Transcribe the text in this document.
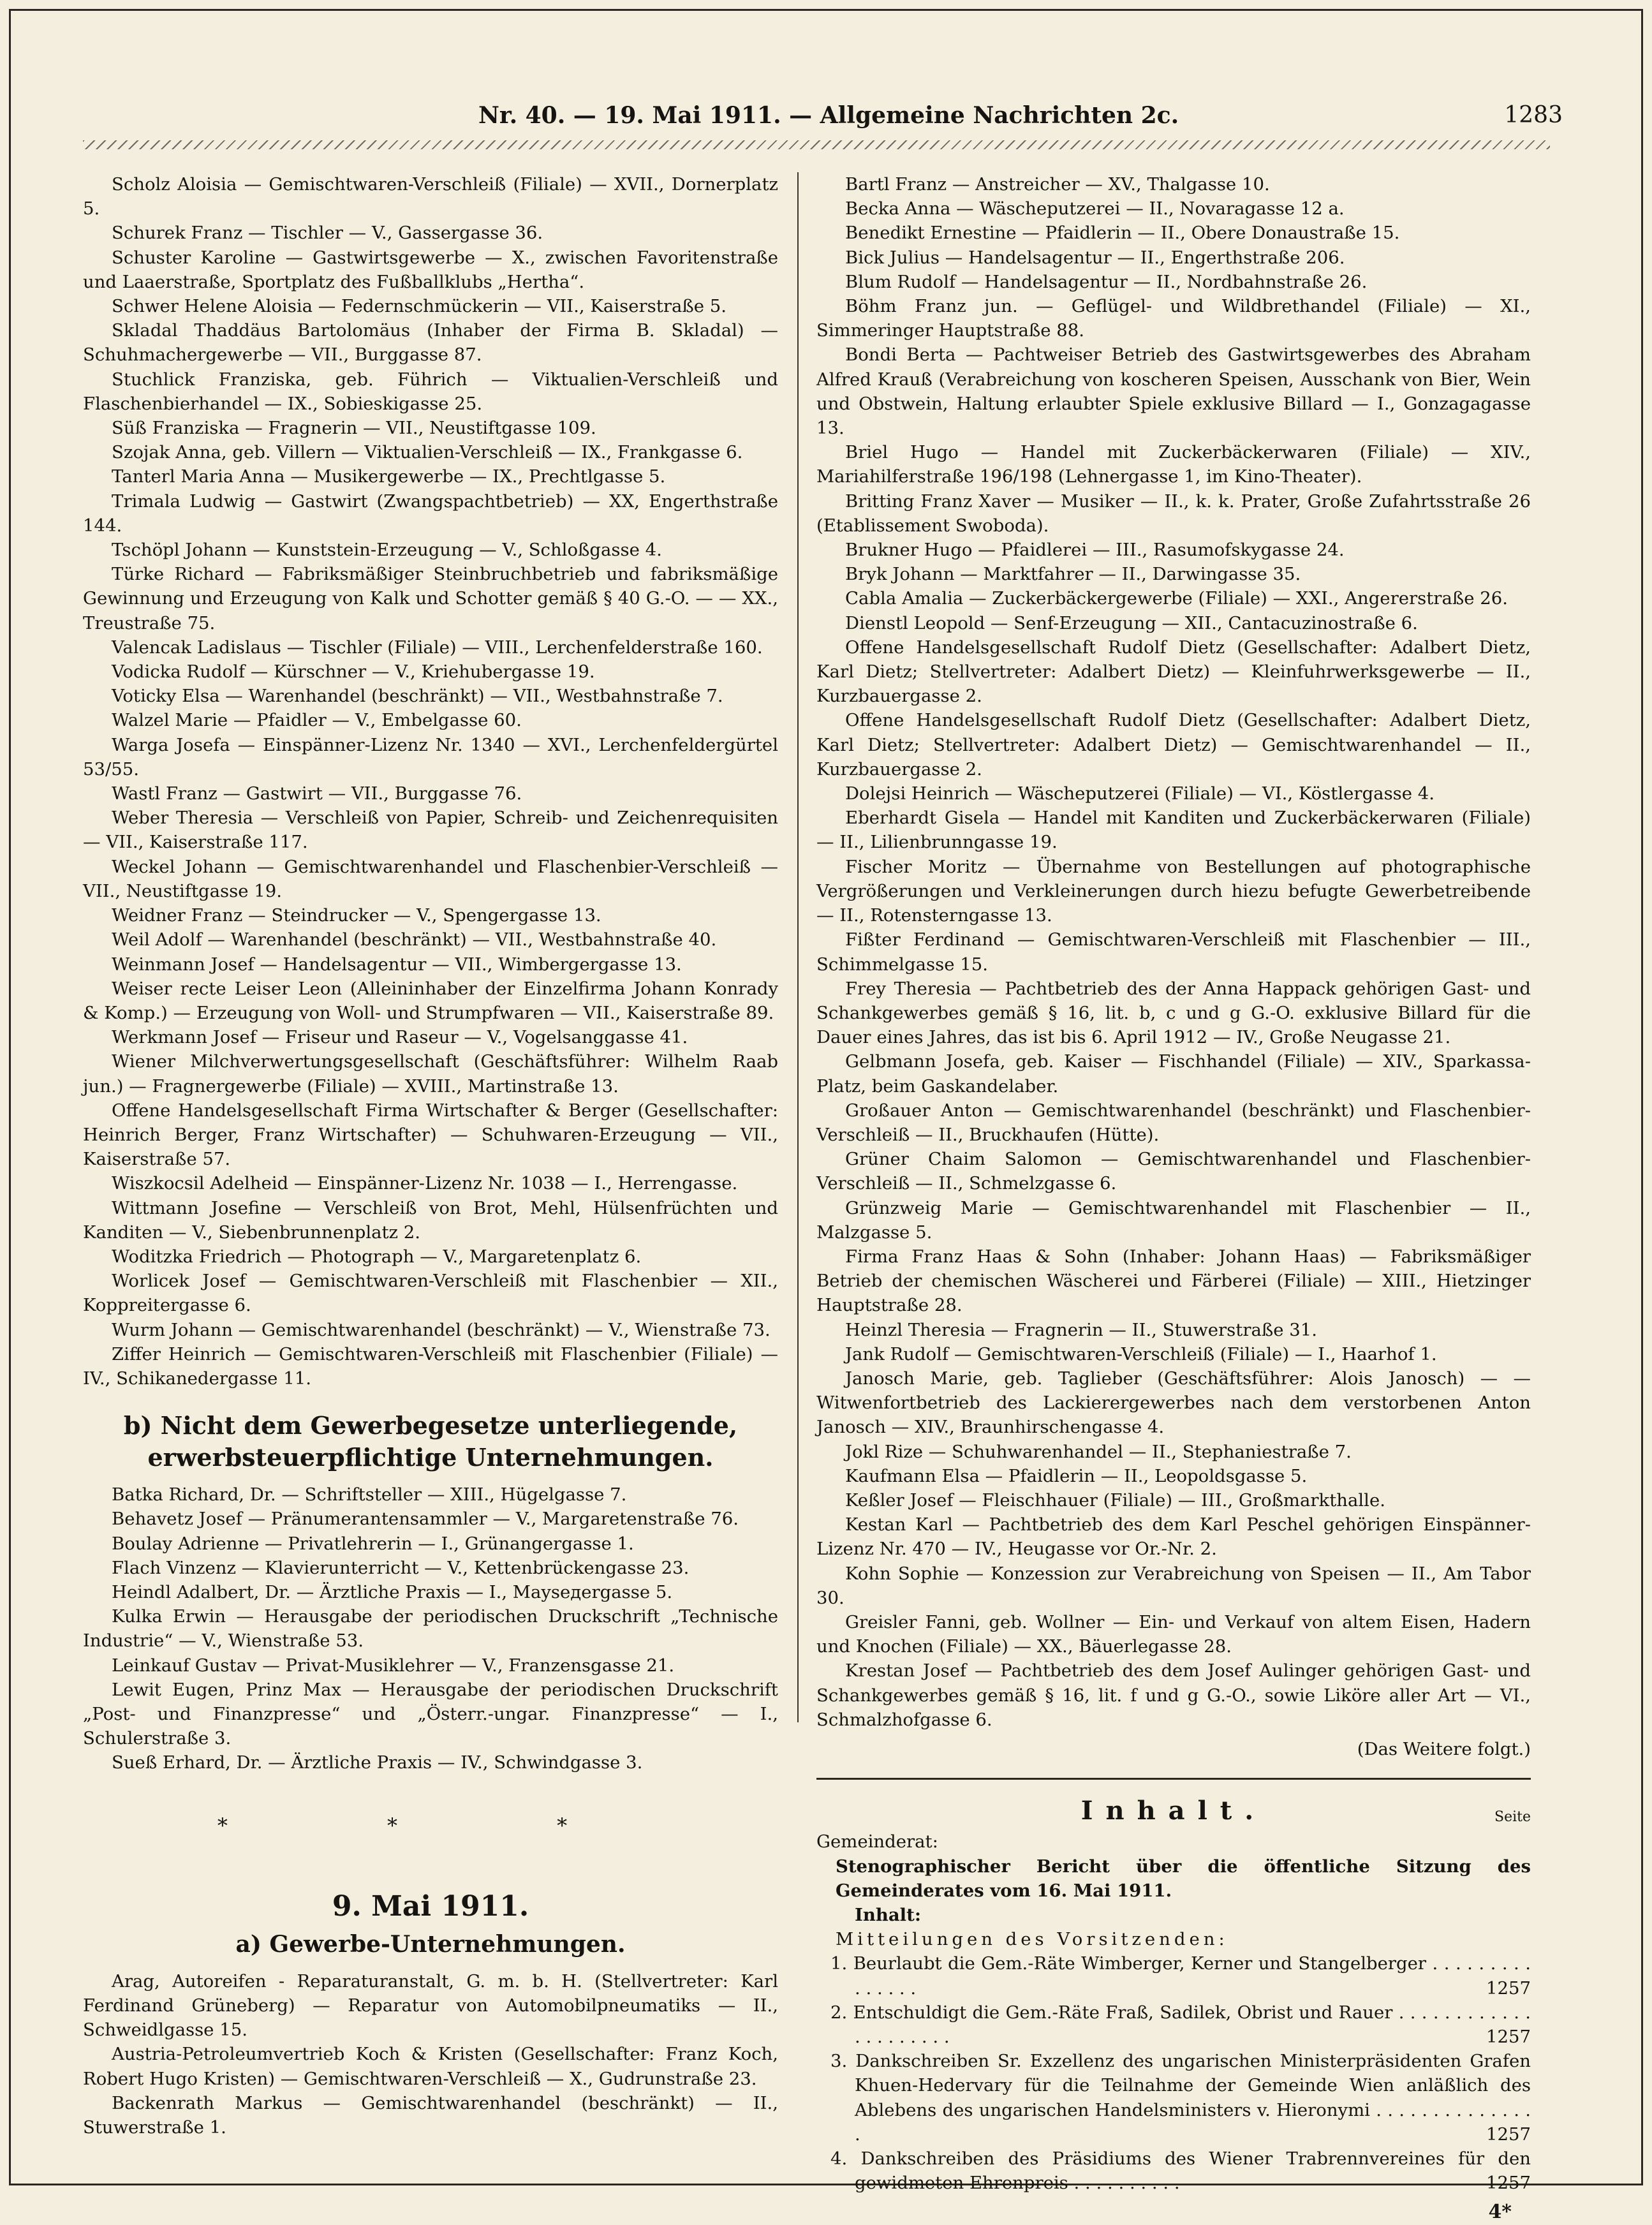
Nr. 40. — 19. Mai 1911. — Allgemeine Nachrichten 2c.	1283

Scholz Aloisia — Gemischtwaren-Verschleiß (Filiale) — XVII., Dornerplatz 5.

Schurek Franz — Tischler — V., Gassergasse 36.

Schuster Karoline — Gastwirtsgewerbe — X., zwischen Favoritenstraße und Laaerstraße, Sportplatz des Fußballklubs „Hertha“.

Schwer Helene Aloisia — Federnschmückerin — VII., Kaiserstraße 5.

Skladal Thaddäus Bartolomäus (Inhaber der Firma B. Skladal) — Schuhmachergewerbe — VII., Burggasse 87.

Stuchlick Franziska, geb. Führich — Viktualien-Verschleiß und Flaschenbierhandel — IX., Sobieskigasse 25.

Süß Franziska — Fragnerin — VII., Neustiftgasse 109.

Szojak Anna, geb. Villern — Viktualien-Verschleiß — IX., Frankgasse 6.

Tanterl Maria Anna — Musikergewerbe — IX., Prechtlgasse 5.

Trimala Ludwig — Gastwirt (Zwangspachtbetrieb) — XX, Engerthstraße 144.

Tschöpl Johann — Kunststein-Erzeugung — V., Schloßgasse 4.

Türke Richard — Fabriksmäßiger Steinbruchbetrieb und fabriksmäßige Gewinnung und Erzeugung von Kalk und Schotter gemäß § 40 G.-O. — — XX., Treustraße 75.

Valencak Ladislaus — Tischler (Filiale) — VIII., Lerchenfelderstraße 160.

Vodicka Rudolf — Kürschner — V., Kriehubergasse 19.

Voticky Elsa — Warenhandel (beschränkt) — VII., Westbahnstraße 7.

Walzel Marie — Pfaidler — V., Embelgasse 60.

Warga Josefa — Einspänner-Lizenz Nr. 1340 — XVI., Lerchenfeldergürtel 53/55.

Wastl Franz — Gastwirt — VII., Burggasse 76.

Weber Theresia — Verschleiß von Papier, Schreib- und Zeichenrequisiten — VII., Kaiserstraße 117.

Weckel Johann — Gemischtwarenhandel und Flaschenbier-Verschleiß — VII., Neustiftgasse 19.

Weidner Franz — Steindrucker — V., Spengergasse 13.

Weil Adolf — Warenhandel (beschränkt) — VII., Westbahnstraße 40.

Weinmann Josef — Handelsagentur — VII., Wimbergergasse 13.

Weiser recte Leiser Leon (Alleininhaber der Einzelfirma Johann Konrady & Komp.) — Erzeugung von Woll- und Strumpfwaren — VII., Kaiserstraße 89.

Werkmann Josef — Friseur und Raseur — V., Vogelsanggasse 41.

Wiener Milchverwertungsgesellschaft (Geschäftsführer: Wilhelm Raab jun.) — Fragnergewerbe (Filiale) — XVIII., Martinstraße 13.

Offene Handelsgesellschaft Firma Wirtschafter & Berger (Gesellschafter: Heinrich Berger, Franz Wirtschafter) — Schuhwaren-Erzeugung — VII., Kaiserstraße 57.

Wiszkocsil Adelheid — Einspänner-Lizenz Nr. 1038 — I., Herrengasse.

Wittmann Josefine — Verschleiß von Brot, Mehl, Hülsenfrüchten und Kanditen — V., Siebenbrunnenplatz 2.

Woditzka Friedrich — Photograph — V., Margaretenplatz 6.

Worlicek Josef — Gemischtwaren-Verschleiß mit Flaschenbier — XII., Koppreitergasse 6.

Wurm Johann — Gemischtwarenhandel (beschränkt) — V., Wienstraße 73.

Ziffer Heinrich — Gemischtwaren-Verschleiß mit Flaschenbier (Filiale) — IV., Schikanedergasse 11.

b) Nicht dem Gewerbegesetze unterliegende, erwerbsteuerpflichtige Unternehmungen.

Batka Richard, Dr. — Schriftsteller — XIII., Hügelgasse 7.

Behavetz Josef — Pränumerantensammler — V., Margaretenstraße 76.

Boulay Adrienne — Privatlehrerin — I., Grünangergasse 1.

Flach Vinzenz — Klavierunterricht — V., Kettenbrückengasse 23.

Heindl Adalbert, Dr. — Ärztliche Praxis — I., Mayseдergasse 5.

Kulka Erwin — Herausgabe der periodischen Druckschrift „Technische Industrie“ — V., Wienstraße 53.

Leinkauf Gustav — Privat-Musiklehrer — V., Franzensgasse 21.

Lewit Eugen, Prinz Max — Herausgabe der periodischen Druckschrift „Post- und Finanzpresse“ und „Österr.-ungar. Finanzpresse“ — I., Schulerstraße 3.

Sueß Erhard, Dr. — Ärztliche Praxis — IV., Schwindgasse 3.

* * *
9. Mai 1911.
a) Gewerbe-Unternehmungen.

Arag, Autoreifen - Reparaturanstalt, G. m. b. H. (Stellvertreter: Karl Ferdinand Grüneberg) — Reparatur von Automobilpneumatiks — II., Schweidlgasse 15.

Austria-Petroleumvertrieb Koch & Kristen (Gesellschafter: Franz Koch, Robert Hugo Kristen) — Gemischtwaren-Verschleiß — X., Gudrunstraße 23.

Backenrath Markus — Gemischtwarenhandel (beschränkt) — II., Stuwerstraße 1.

Bartl Franz — Anstreicher — XV., Thalgasse 10.

Becka Anna — Wäscheputzerei — II., Novaragasse 12 a.

Benedikt Ernestine — Pfaidlerin — II., Obere Donaustraße 15.

Bick Julius — Handelsagentur — II., Engerthstraße 206.

Blum Rudolf — Handelsagentur — II., Nordbahnstraße 26.

Böhm Franz jun. — Geflügel- und Wildbrethandel (Filiale) — XI., Simmeringer Hauptstraße 88.

Bondi Berta — Pachtweiser Betrieb des Gastwirtsgewerbes des Abraham Alfred Krauß (Verabreichung von koscheren Speisen, Ausschank von Bier, Wein und Obstwein, Haltung erlaubter Spiele exklusive Billard — I., Gonzagagasse 13.

Briel Hugo — Handel mit Zuckerbäckerwaren (Filiale) — XIV., Mariahilferstraße 196/198 (Lehnergasse 1, im Kino-Theater).

Britting Franz Xaver — Musiker — II., k. k. Prater, Große Zufahrtsstraße 26 (Etablissement Swoboda).

Brukner Hugo — Pfaidlerei — III., Rasumofskygasse 24.

Bryk Johann — Marktfahrer — II., Darwingasse 35.

Cabla Amalia — Zuckerbäckergewerbe (Filiale) — XXI., Angererstraße 26.

Dienstl Leopold — Senf-Erzeugung — XII., Cantacuzinostraße 6.

Offene Handelsgesellschaft Rudolf Dietz (Gesellschafter: Adalbert Dietz, Karl Dietz; Stellvertreter: Adalbert Dietz) — Kleinfuhrwerksgewerbe — II., Kurzbauergasse 2.

Offene Handelsgesellschaft Rudolf Dietz (Gesellschafter: Adalbert Dietz, Karl Dietz; Stellvertreter: Adalbert Dietz) — Gemischtwarenhandel — II., Kurzbauergasse 2.

Dolejsi Heinrich — Wäscheputzerei (Filiale) — VI., Köstlergasse 4.

Eberhardt Gisela — Handel mit Kanditen und Zuckerbäckerwaren (Filiale) — II., Lilienbrunngasse 19.

Fischer Moritz — Übernahme von Bestellungen auf photographische Vergrößerungen und Verkleinerungen durch hiezu befugte Gewerbetreibende — II., Rotensterngasse 13.

Fißter Ferdinand — Gemischtwaren-Verschleiß mit Flaschenbier — III., Schimmelgasse 15.

Frey Theresia — Pachtbetrieb des der Anna Happack gehörigen Gast- und Schankgewerbes gemäß § 16, lit. b, c und g G.-O. exklusive Billard für die Dauer eines Jahres, das ist bis 6. April 1912 — IV., Große Neugasse 21.

Gelbmann Josefa, geb. Kaiser — Fischhandel (Filiale) — XIV., Sparkassa-Platz, beim Gaskandelaber.

Großauer Anton — Gemischtwarenhandel (beschränkt) und Flaschenbier-Verschleiß — II., Bruckhaufen (Hütte).

Grüner Chaim Salomon — Gemischtwarenhandel und Flaschenbier-Verschleiß — II., Schmelzgasse 6.

Grünzweig Marie — Gemischtwarenhandel mit Flaschenbier — II., Malzgasse 5.

Firma Franz Haas & Sohn (Inhaber: Johann Haas) — Fabriksmäßiger Betrieb der chemischen Wäscherei und Färberei (Filiale) — XIII., Hietzinger Hauptstraße 28.

Heinzl Theresia — Fragnerin — II., Stuwerstraße 31.

Jank Rudolf — Gemischtwaren-Verschleiß (Filiale) — I., Haarhof 1.

Janosch Marie, geb. Taglieber (Geschäftsführer: Alois Janosch) — — Witwenfortbetrieb des Lackierergewerbes nach dem verstorbenen Anton Janosch — XIV., Braunhirschengasse 4.

Jokl Rize — Schuhwarenhandel — II., Stephaniestraße 7.

Kaufmann Elsa — Pfaidlerin — II., Leopoldsgasse 5.

Keßler Josef — Fleischhauer (Filiale) — III., Großmarkthalle.

Kestan Karl — Pachtbetrieb des dem Karl Peschel gehörigen Einspänner-Lizenz Nr. 470 — IV., Heugasse vor Or.-Nr. 2.

Kohn Sophie — Konzession zur Verabreichung von Speisen — II., Am Tabor 30.

Greisler Fanni, geb. Wollner — Ein- und Verkauf von altem Eisen, Hadern und Knochen (Filiale) — XX., Bäuerlegasse 28.

Krestan Josef — Pachtbetrieb des dem Josef Aulinger gehörigen Gast- und Schankgewerbes gemäß § 16, lit. f und g G.-O., sowie Liköre aller Art — VI., Schmalzhofgasse 6.

(Das Weitere folgt.)
Inhalt.	Seite

Gemeinderat:

Stenographischer Bericht über die öffentliche Sitzung des Gemeinderates vom 16. Mai 1911.

Inhalt:

Mitteilungen des Vorsitzenden:

1. Beurlaubt die Gem.-Räte Wimberger, Kerner und Stangelberger . . . . . . . . . . . . . . .	1257

2. Entschuldigt die Gem.-Räte Fraß, Sadilek, Obrist und Rauer . . . . . . . . . . . . . . . . . . . . .	1257

3. Dankschreiben Sr. Exzellenz des ungarischen Ministerpräsidenten Grafen Khuen-Hedervary für die Teilnahme der Gemeinde Wien anläßlich des Ablebens des ungarischen Handelsministers v. Hieronymi . . . . . . . . . . . . . . .	1257

4. Dankschreiben des Präsidiums des Wiener Trabrennvereines für den gewidmeten Ehrenpreis . . . . . . . . . .	1257

4*
